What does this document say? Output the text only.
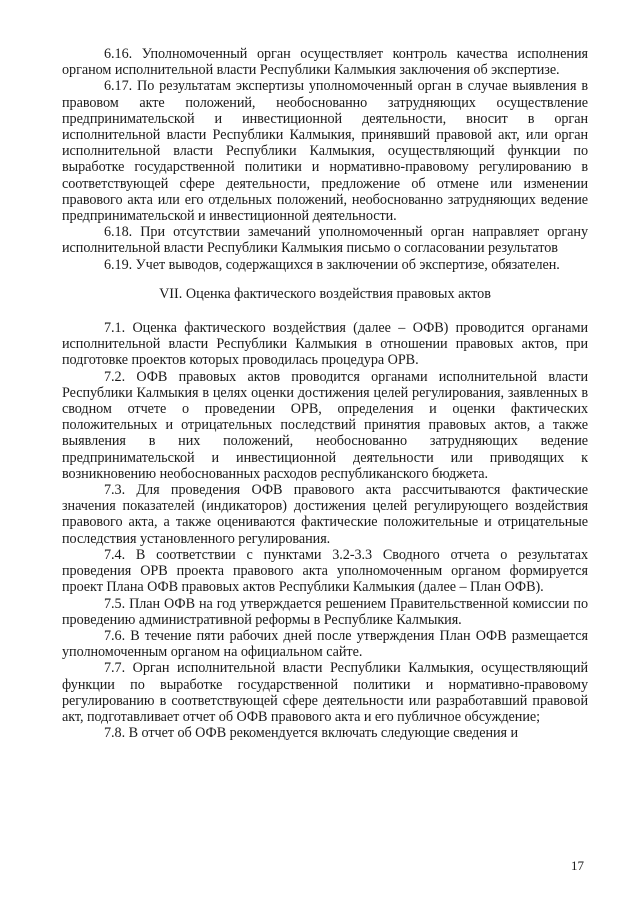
6.16. Уполномоченный орган осуществляет контроль качества исполнения органом исполнительной власти Республики Калмыкия заключения об экспертизе.

6.17. По результатам экспертизы уполномоченный орган в случае выявления в правовом акте положений, необоснованно затрудняющих осуществление предпринимательской и инвестиционной деятельности, вносит в орган исполнительной власти Республики Калмыкия, принявший правовой акт, или орган исполнительной власти Республики Калмыкия, осуществляющий функции по выработке государственной политики и нормативно-правовому регулированию в соответствующей сфере деятельности, предложение об отмене или изменении правового акта или его отдельных положений, необоснованно затрудняющих ведение предпринимательской и инвестиционной деятельности.

6.18. При отсутствии замечаний уполномоченный орган направляет органу исполнительной власти Республики Калмыкия письмо о согласовании результатов

6.19. Учет выводов, содержащихся в заключении об экспертизе, обязателен.

VII. Оценка фактического воздействия правовых актов

7.1. Оценка фактического воздействия (далее – ОФВ) проводится органами исполнительной власти Республики Калмыкия в отношении правовых актов, при подготовке проектов которых проводилась процедура ОРВ.

7.2. ОФВ правовых актов проводится органами исполнительной власти Республики Калмыкия в целях оценки достижения целей регулирования, заявленных в сводном отчете о проведении ОРВ, определения и оценки фактических положительных и отрицательных последствий принятия правовых актов, а также выявления в них положений, необоснованно затрудняющих ведение предпринимательской и инвестиционной деятельности или приводящих к возникновению необоснованных расходов республиканского бюджета.

7.3. Для проведения ОФВ правового акта рассчитываются фактические значения показателей (индикаторов) достижения целей регулирующего воздействия правового акта, а также оцениваются фактические положительные и отрицательные последствия установленного регулирования.

7.4. В соответствии с пунктами 3.2-3.3 Сводного отчета о результатах проведения ОРВ проекта правового акта уполномоченным органом формируется проект Плана ОФВ правовых актов Республики Калмыкия (далее – План ОФВ).

7.5. План ОФВ на год утверждается решением Правительственной комиссии по проведению административной реформы в Республике Калмыкия.

7.6. В течение пяти рабочих дней после утверждения План ОФВ размещается уполномоченным органом на официальном сайте.

7.7. Орган исполнительной власти Республики Калмыкия, осуществляющий функции по выработке государственной политики и нормативно-правовому регулированию в соответствующей сфере деятельности или разработавший правовой акт, подготавливает отчет об ОФВ правового акта и его публичное обсуждение;

7.8. В отчет об ОФВ рекомендуется включать следующие сведения и

17
